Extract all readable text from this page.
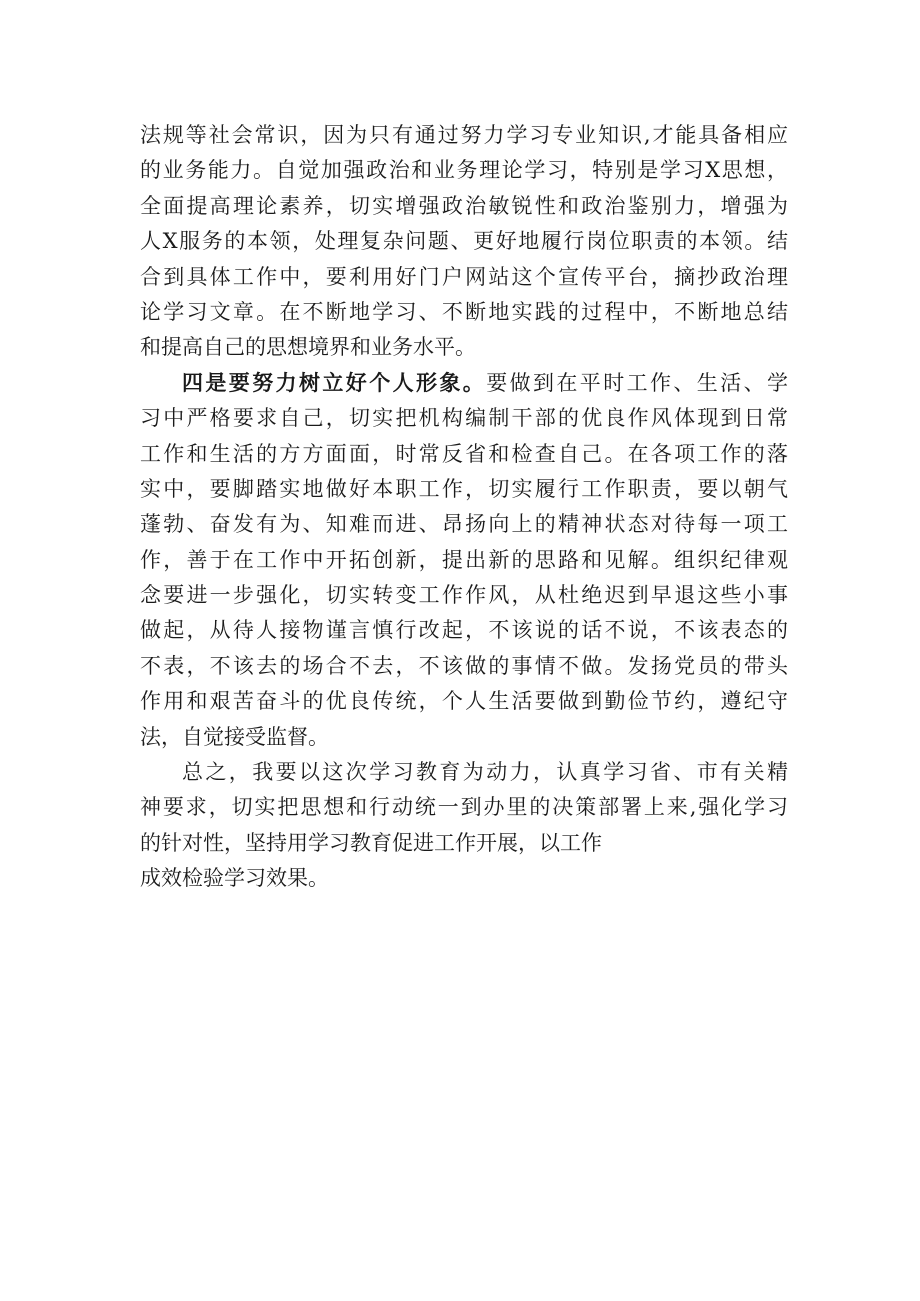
法规等社会常识，因为只有通过努力学习专业知识,才能具备相应
的业务能力。自觉加强政治和业务理论学习，特别是学习X思想，
全面提高理论素养，切实增强政治敏锐性和政治鉴别力，增强为
人X服务的本领，处理复杂问题、更好地履行岗位职责的本领。结
合到具体工作中，要利用好门户网站这个宣传平台，摘抄政治理
论学习文章。在不断地学习、不断地实践的过程中，不断地总结
和提高自己的思想境界和业务水平。
四是要努力树立好个人形象。要做到在平时工作、生活、学
习中严格要求自己，切实把机构编制干部的优良作风体现到日常
工作和生活的方方面面，时常反省和检查自己。在各项工作的落
实中，要脚踏实地做好本职工作，切实履行工作职责，要以朝气
蓬勃、奋发有为、知难而进、昂扬向上的精神状态对待每一项工
作，善于在工作中开拓创新，提出新的思路和见解。组织纪律观
念要进一步强化，切实转变工作作风，从杜绝迟到早退这些小事
做起，从待人接物谨言慎行改起，不该说的话不说，不该表态的
不表，不该去的场合不去，不该做的事情不做。发扬党员的带头
作用和艰苦奋斗的优良传统，个人生活要做到勤俭节约，遵纪守
法，自觉接受监督。
总之，我要以这次学习教育为动力，认真学习省、市有关精
神要求，切实把思想和行动统一到办里的决策部署上来,强化学习
的针对性，坚持用学习教育促进工作开展，以工作
成效检验学习效果。
